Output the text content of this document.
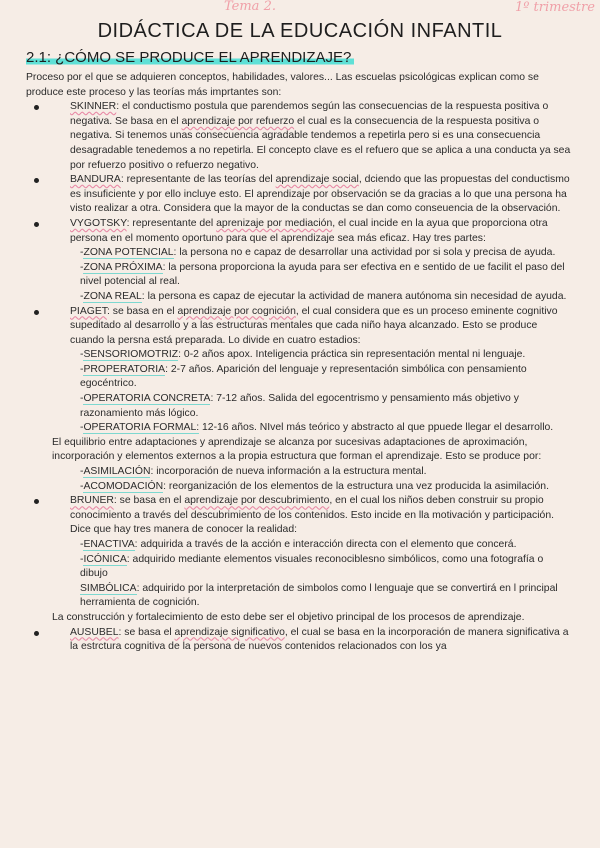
Tema 2.	1º trimestre
DIDÁCTICA DE LA EDUCACIÓN INFANTIL
2.1: ¿CÓMO SE PRODUCE EL APRENDIZAJE?

Proceso por el que se adquieren conceptos, habilidades, valores... Las escuelas psicológicas explican como se produce este proceso y las teorías más imprtantes son:

SKINNER: el conductismo postula que parendemos según las consecuencias de la respuesta positiva o negativa. Se basa en el aprendizaje por refuerzo el cual es la consecuencia de la respuesta positiva o negativa. Si tenemos unas consecuencia agradable tendemos a repetirla pero si es una consecuencia desagradable tenedemos a no repetirla. El concepto clave es el refuero que se aplica a una conducta ya sea por refuerzo positivo o refuerzo negativo.

BANDURA: representante de las teorías del aprendizaje social, dciendo que las propuestas del conductismo es insuficiente y por ello incluye esto. El aprendizaje por observación se da gracias a lo que una persona ha visto realizar a otra. Considera que la mayor de la conductas se dan como conseuencia de la observación.

VYGOTSKY: representante del aprenizaje por mediación, el cual incide en la ayua que proporciona otra persona en el momento oportuno para que el aprendizaje sea más eficaz. Hay tres partes:

-ZONA POTENCIAL: la persona no e capaz de desarrollar una actividad por si sola y precisa de ayuda.

-ZONA PRÓXIMA: la persona proporciona la ayuda para ser efectiva en e sentido de ue facilit el paso del nivel potencial al real.

-ZONA REAL: la persona es capaz de ejecutar la actividad de manera autónoma sin necesidad de ayuda.

PIAGET: se basa en el aprendizaje por cognición, el cual considera que es un proceso eminente cognitivo supeditado al desarrollo y a las estructuras mentales que cada niño haya alcanzado. Esto se produce cuando la persna está preparada. Lo divide en cuatro estadios:

-SENSORIOMOTRIZ: 0-2 años apox. Inteligencia práctica sin representación mental ni lenguaje.

-PROPERATORIA: 2-7 años. Aparición del lenguaje y representación simbólica con pensamiento egocéntrico.

-OPERATORIA CONCRETA: 7-12 años. Salida del egocentrismo y pensamiento más objetivo y razonamiento más lógico.

-OPERATORIA FORMAL: 12-16 años. NIvel más teórico y abstracto al que ppuede llegar el desarrollo.

El equilibrio entre adaptaciones y aprendizaje se alcanza por sucesivas adaptaciones de aproximación, incorporación y elementos externos a la propia estructura que forman el aprendizaje. Esto se produce por:

-ASIMILACIÓN: incorporación de nueva información a la estructura mental.

-ACOMODACIÓN: reorganización de los elementos de la estructura una vez producida la asimilación.

BRUNER: se basa en el aprendizaje por descubrimiento, en el cual los niños deben construir su propio conocimiento a través del descubrimiento de los contenidos. Esto incide en lla motivación y participación. Dice que hay tres manera de conocer la realidad:

-ENACTIVA: adquirida a través de la acción e interacción directa con el elemento que concerá.

-ICÓNICA: adquirido mediante elementos visuales reconociblesno simbólicos, como una fotografía o dibujo

SIMBÓLICA: adquirido por la interpretación de simbolos como l lenguaje que se convertirá en l principal herramienta de cognición.

La construcción y fortalecimiento de esto debe ser el objetivo principal de los procesos de aprendizaje.

AUSUBEL: se basa el aprendizaje significativo, el cual se basa en la incorporación de manera significativa a la estrctura cognitiva de la persona de nuevos contenidos relacionados con los ya
